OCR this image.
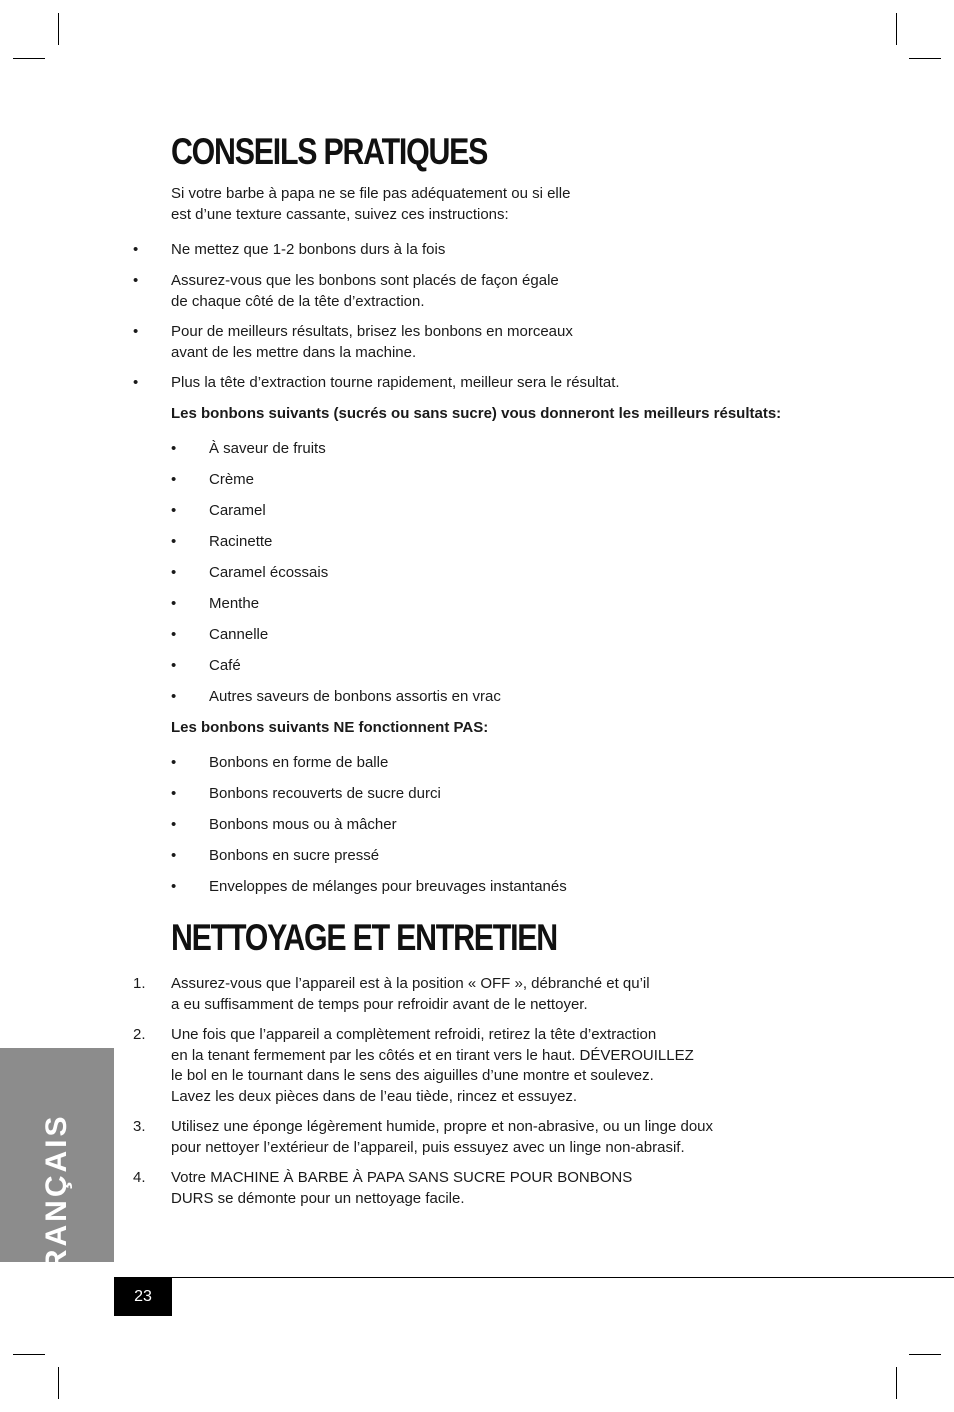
CONSEILS PRATIQUES
Si votre barbe à papa ne se file pas adéquatement ou si elle
est d’une texture cassante, suivez ces instructions:
• Ne mettez que 1-2 bonbons durs à la fois
• Assurez-vous que les bonbons sont placés de façon égale
de chaque côté de la tête d’extraction.
• Pour de meilleurs résultats, brisez les bonbons en morceaux
avant de les mettre dans la machine.
• Plus la tête d’extraction tourne rapidement, meilleur sera le résultat.
Les bonbons suivants (sucrés ou sans sucre) vous donneront les meilleurs résultats:
• À saveur de fruits
• Crème
• Caramel
• Racinette
• Caramel écossais
• Menthe
• Cannelle
• Café
• Autres saveurs de bonbons assortis en vrac
Les bonbons suivants NE fonctionnent PAS:
• Bonbons en forme de balle
• Bonbons recouverts de sucre durci
• Bonbons mous ou à mâcher
• Bonbons en sucre pressé
• Enveloppes de mélanges pour breuvages instantanés
NETTOYAGE ET ENTRETIEN
1. Assurez-vous que l’appareil est à la position « OFF », débranché et qu’il
a eu suffisamment de temps pour refroidir avant de le nettoyer.
2. Une fois que l’appareil a complètement refroidi, retirez la tête d’extraction
en la tenant fermement par les côtés et en tirant vers le haut. DÉVEROUILLEZ
le bol en le tournant dans le sens des aiguilles d’une montre et soulevez.
Lavez les deux pièces dans de l’eau tiède, rincez et essuyez.
3. Utilisez une éponge légèrement humide, propre et non-abrasive, ou un linge doux
pour nettoyer l’extérieur de l’appareil, puis essuyez avec un linge non-abrasif.
4. Votre MACHINE À BARBE À PAPA SANS SUCRE POUR BONBONS
DURS se démonte pour un nettoyage facile.
FRANÇAIS
23
